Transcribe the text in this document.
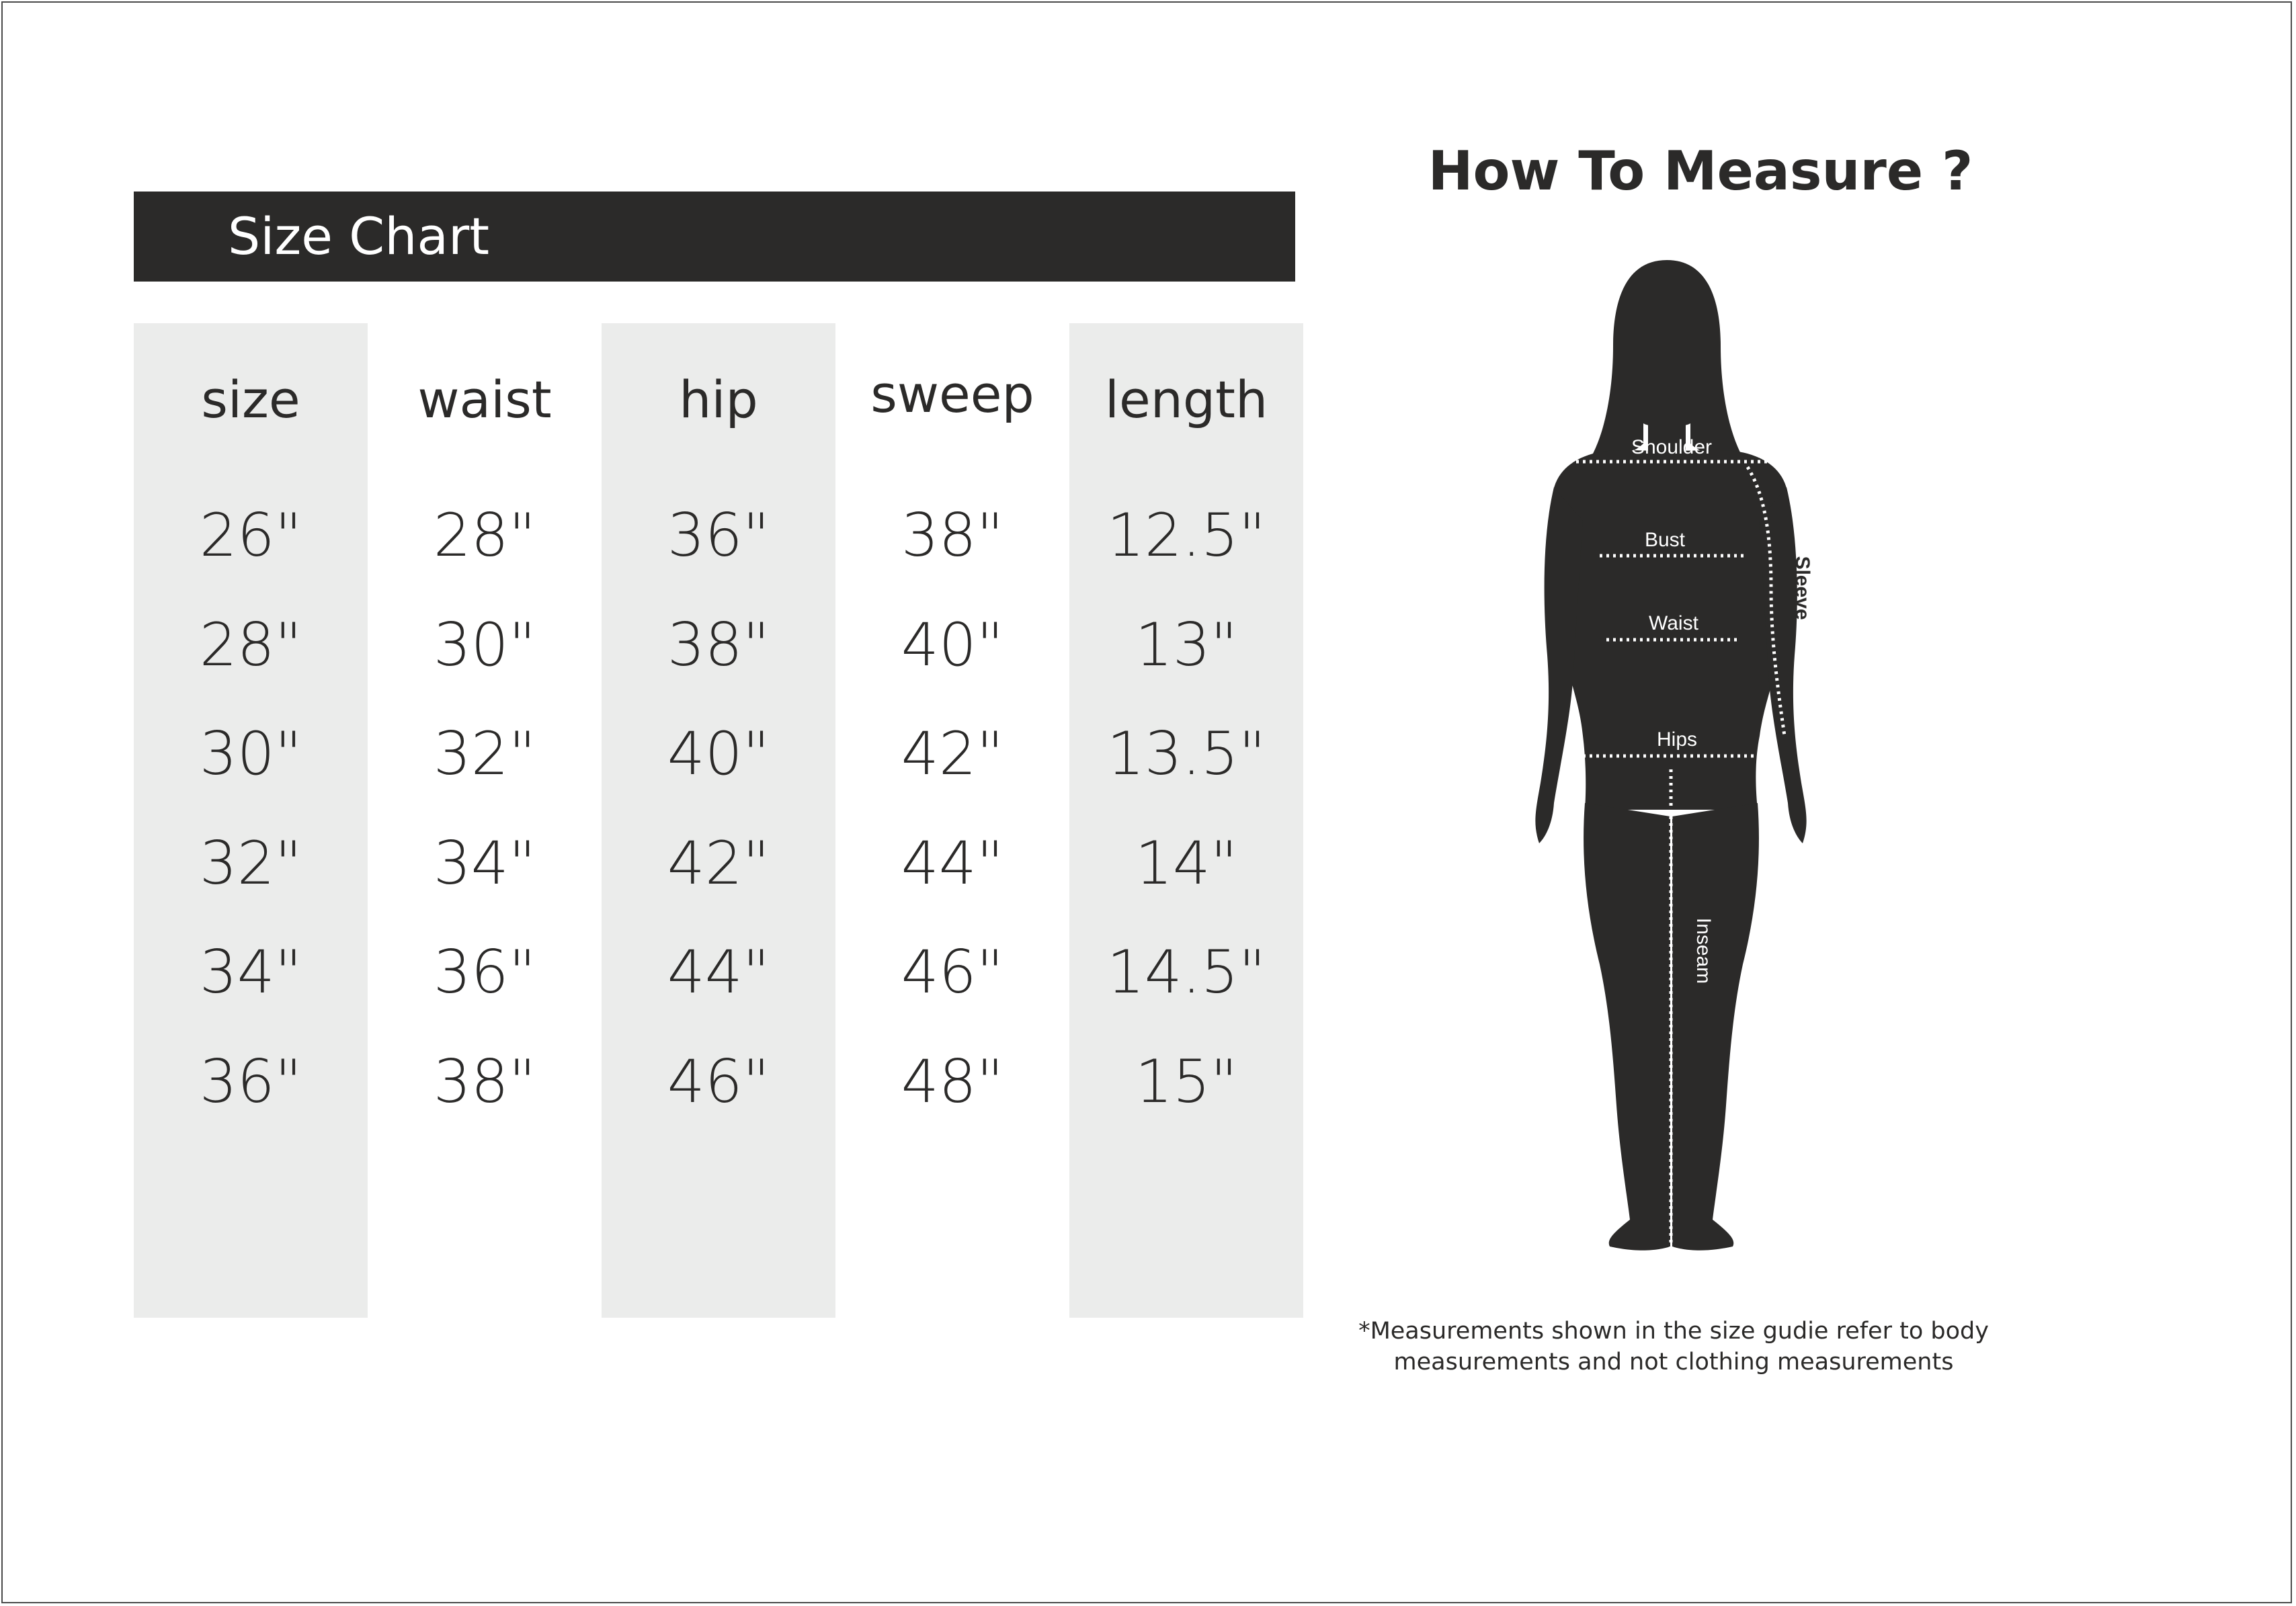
Size Chart
size
26"
28"
30"
32"
34"
36"
waist
28"
30"
32"
34"
36"
38"
hip
36"
38"
40"
42"
44"
46"
sweep
38"
40"
42"
44"
46"
48"
length
12.5"
13"
13.5"
14"
14.5"
15"
How To Measure ?
Shoulder
Bust
Waist
Hips
Inseam
Sleeve
*Measurements shown in the size gudie refer to body
measurements and not clothing measurements
